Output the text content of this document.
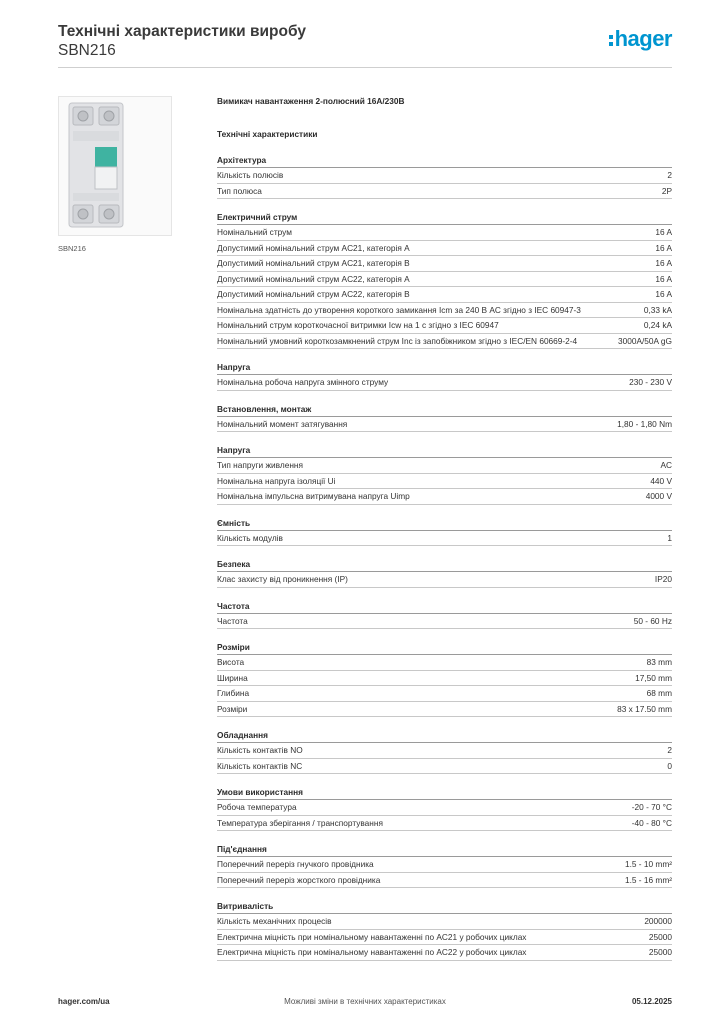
Технічні характеристики виробу
SBN216	hager
SBN216
Вимикач навантаження 2-полюсний 16А/230В
Технічні характеристики
Архітектура
Кількість полюсів	2
Тип полюса	2P
Електричний струм
Номінальний струм	16 A
Допустимий номінальний струм AC21, категорія A	16 A
Допустимий номінальний струм AC21, категорія B	16 A
Допустимий номінальний струм AC22, категорія A	16 A
Допустимий номінальний струм AC22, категорія B	16 A
Номінальна здатність до утворення короткого замикання Icm за 240 В AC згідно з IEC 60947-3	0,33 kA
Номінальний струм короткочасної витримки Icw на 1 с згідно з IEC 60947	0,24 kA
Номінальний умовний короткозамкнений струм Inc із запобіжником згідно з IEC/EN 60669-2-4	3000A/50A gG
Напруга
Номінальна робоча напруга змінного струму	230 - 230 V
Встановлення, монтаж
Номінальний момент затягування	1,80 - 1,80 Nm
Напруга
Тип напруги живлення	AC
Номінальна напруга ізоляції Ui	440 V
Номінальна імпульсна витримувана напруга Uimp	4000 V
Ємність
Кількість модулів	1
Безпека
Клас захисту від проникнення (IP)	IP20
Частота
Частота	50 - 60 Hz
Розміри
Висота	83 mm
Ширина	17,50 mm
Глибина	68 mm
Розміри	83 x 17.50 mm
Обладнання
Кількість контактів NO	2
Кількість контактів NC	0
Умови використання
Робоча температура	-20 - 70 °C
Температура зберігання / транспортування	-40 - 80 °C
Під'єднання
Поперечний переріз гнучкого провідника	1.5 - 10 mm²
Поперечний переріз жорсткого провідника	1.5 - 16 mm²
Витривалість
Кількість механічних процесів	200000
Електрична міцність при номінальному навантаженні по AC21 у робочих циклах	25000
Електрична міцність при номінальному навантаженні по AC22 у робочих циклах	25000
hager.com/ua	Можливі зміни в технічних характеристиках	05.12.2025
